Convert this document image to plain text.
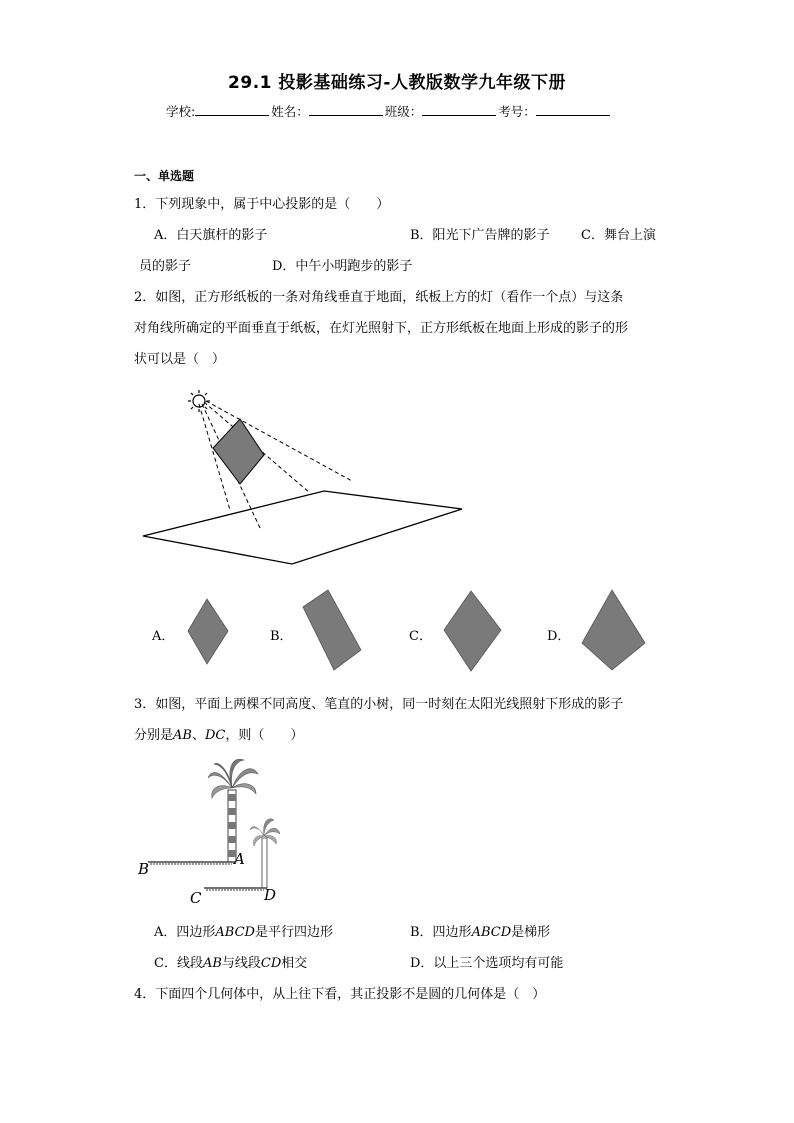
29.1 投影基础练习-人教版数学九年级下册
学校:	姓名：	班级：	考号：
一、单选题
1．下列现象中，属于中心投影的是（　　）
A．白天旗杆的影子	B．阳光下广告牌的影子 C．舞台上演
员的影子	D．中午小明跑步的影子
2．如图，正方形纸板的一条对角线垂直于地面，纸板上方的灯（看作一个点）与这条
对角线所确定的平面垂直于纸板，在灯光照射下，正方形纸板在地面上形成的影子的形
状可以是（　）
A．	B．	C．	D．
3．如图，平面上两棵不同高度、笔直的小树，同一时刻在太阳光线照射下形成的影子
分别是AB、DC，则（　　）
B
A
C	D
A．四边形ABCD是平行四边形	B．四边形ABCD是梯形
C．线段AB与线段CD相交	D．以上三个选项均有可能
4．下面四个几何体中，从上往下看，其正投影不是圆的几何体是（　）
